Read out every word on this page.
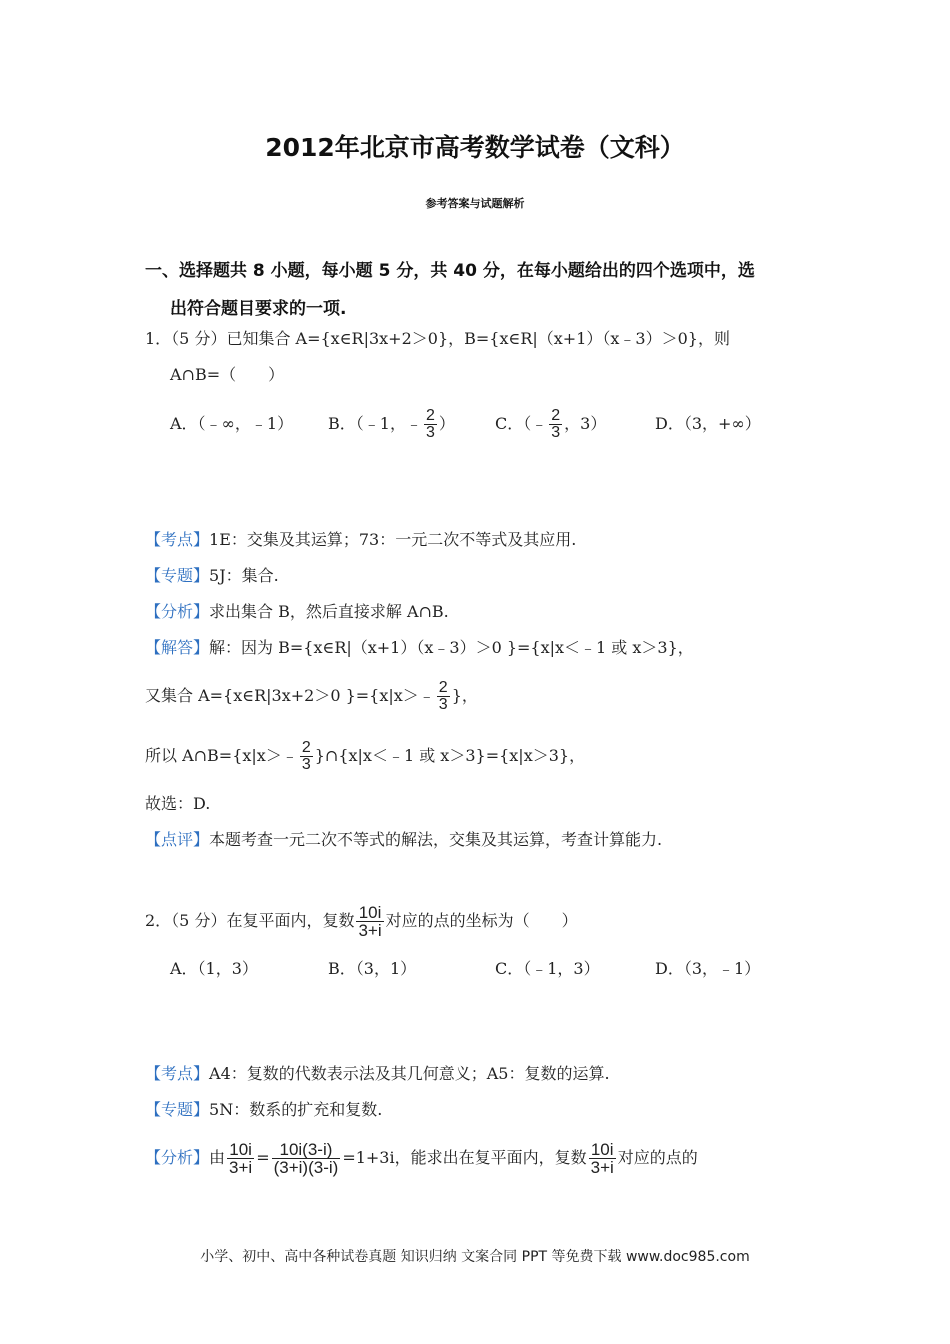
2012年北京市高考数学试卷（文科）
参考答案与试题解析
一、选择题共 8 小题，每小题 5 分，共 40 分，在每小题给出的四个选项中，选
出符合题目要求的一项.
1．（5 分）已知集合 A={x∈R|3x+2＞0}，B={x∈R|（x+1）（x﹣3）＞0}，则
A∩B=（　　）
A．（﹣∞，﹣1） B．（﹣1，﹣ $\frac{2}{3}$ ）	C．（﹣ $\frac{2}{3}$ ，3）	D．（3，+∞）
【考点】1E：交集及其运算；73：一元二次不等式及其应用.
【专题】5J：集合.
【分析】求出集合 B，然后直接求解 A∩B.
【解答】解：因为 B={x∈R|（x+1）（x﹣3）＞0 }={x|x＜﹣1 或 x＞3}，
又集合 A={x∈R|3x+2＞0 }={x|x＞﹣ $\frac{2}{3}$ }，
所以 A∩B={x|x＞﹣ $\frac{2}{3}$ }∩{x|x＜﹣1 或 x＞3}={x|x＞3}，
故选：D.
【点评】本题考查一元二次不等式的解法，交集及其运算，考查计算能力.
2．（5 分）在复平面内，复数 $\frac{10i}{3+i}$ 对应的点的坐标为（　　）
A．（1，3）	B．（3，1）	C．（﹣1，3）	D．（3，﹣1）
【考点】A4：复数的代数表示法及其几何意义；A5：复数的运算.
【专题】5N：数系的扩充和复数.
【分析】 由 $\frac{10i}{3+i} = \frac{10i(3-i)}{(3+i)(3-i)} =1+3i$，能求出在复平面内，复数 $\frac{10i}{3+i}$ 对应的点的
小学、初中、高中各种试卷真题 知识归纳 文案合同 PPT 等免费下载 www.doc985.com
